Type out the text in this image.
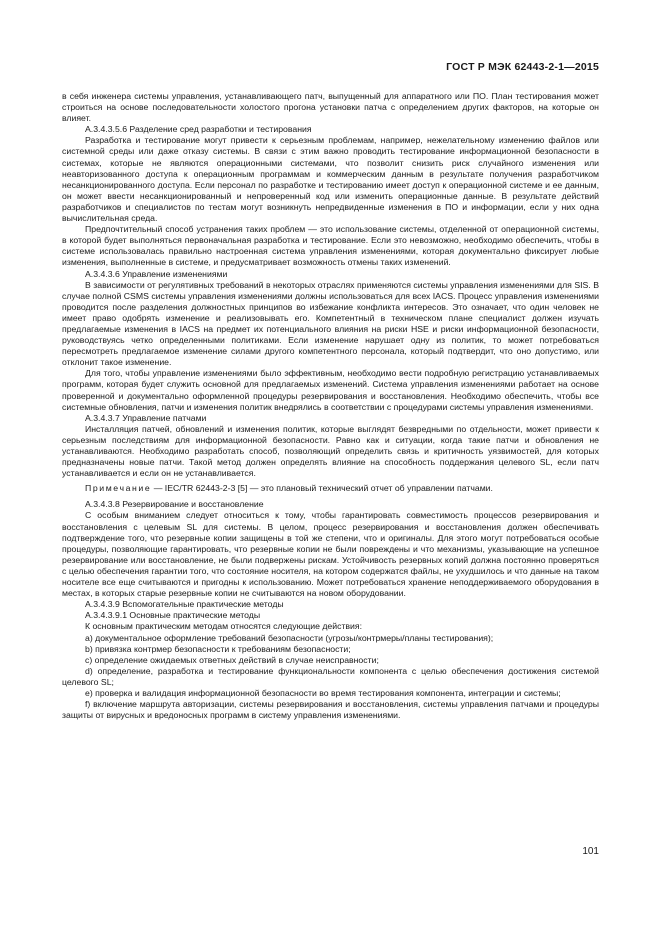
ГОСТ Р МЭК 62443-2-1—2015

в себя инженера системы управления, устанавливающего патч, выпущенный для аппаратного или ПО. План тестирования может строиться на основе последовательности холостого прогона установки патча с определением других факторов, на которые он влияет.

A.3.4.3.5.6 Разделение сред разработки и тестирования

Разработка и тестирование могут привести к серьезным проблемам, например, нежелательному изменению файлов или системной среды или даже отказу системы. В связи с этим важно проводить тестирование информационной безопасности в системах, которые не являются операционными системами, что позволит снизить риск случайного изменения или неавторизованного доступа к операционным программам и коммерческим данным в результате получения разработчиком несанкционированного доступа. Если персонал по разработке и тестированию имеет доступ к операционной системе и ее данным, он может ввести несанкционированный и непроверенный код или изменить операционные данные. В результате действий разработчиков и специалистов по тестам могут возникнуть непредвиденные изменения в ПО и информации, если у них одна вычислительная среда.

Предпочтительный способ устранения таких проблем — это использование системы, отделенной от операционной системы, в которой будет выполняться первоначальная разработка и тестирование. Если это невозможно, необходимо обеспечить, чтобы в системе использовалась правильно настроенная система управления изменениями, которая документально фиксирует любые изменения, выполненные в системе, и предусматривает возможность отмены таких изменений.

A.3.4.3.6 Управление изменениями

В зависимости от регулятивных требований в некоторых отраслях применяются системы управления изменениями для SIS. В случае полной CSMS системы управления изменениями должны использоваться для всех IACS. Процесс управления изменениями проводится после разделения должностных принципов во избежание конфликта интересов. Это означает, что один человек не имеет право одобрять изменение и реализовывать его. Компетентный в техническом плане специалист должен изучать предлагаемые изменения в IACS на предмет их потенциального влияния на риски HSE и риски информационной безопасности, руководствуясь четко определенными политиками. Если изменение нарушает одну из политик, то может потребоваться пересмотреть предлагаемое изменение силами другого компетентного персонала, который подтвердит, что оно допустимо, или отклонит такое изменение.

Для того, чтобы управление изменениями было эффективным, необходимо вести подробную регистрацию устанавливаемых программ, которая будет служить основной для предлагаемых изменений. Система управления изменениями работает на основе проверенной и документально оформленной процедуры резервирования и восстановления. Необходимо обеспечить, чтобы все системные обновления, патчи и изменения политик внедрялись в соответствии с процедурами системы управления изменениями.

A.3.4.3.7 Управление патчами

Инсталляция патчей, обновлений и изменения политик, которые выглядят безвредными по отдельности, может привести к серьезным последствиям для информационной безопасности. Равно как и ситуации, когда такие патчи и обновления не устанавливаются. Необходимо разработать способ, позволяющий определить связь и критичность уязвимостей, для которых предназначены новые патчи. Такой метод должен определять влияние на способность поддержания целевого SL, если патч устанавливается и если он не устанавливается.

Примечание — IEC/TR 62443-2-3 [5] — это плановый технический отчет об управлении патчами.

A.3.4.3.8 Резервирование и восстановление

С особым вниманием следует относиться к тому, чтобы гарантировать совместимость процессов резервирования и восстановления с целевым SL для системы. В целом, процесс резервирования и восстановления должен обеспечивать подтверждение того, что резервные копии защищены в той же степени, что и оригиналы. Для этого могут потребоваться особые процедуры, позволяющие гарантировать, что резервные копии не были повреждены и что механизмы, указывающие на успешное резервирование или восстановление, не были подвержены рискам. Устойчивость резервных копий должна постоянно проверяться с целью обеспечения гарантии того, что состояние носителя, на котором содержатся файлы, не ухудшилось и что данные на таком носителе все еще считываются и пригодны к использованию. Может потребоваться хранение неподдерживаемого оборудования в местах, в которых старые резервные копии не считываются на новом оборудовании.

A.3.4.3.9 Вспомогательные практические методы

A.3.4.3.9.1 Основные практические методы

К основным практическим методам относятся следующие действия:

a) документальное оформление требований безопасности (угрозы/контрмеры/планы тестирования);

b) привязка контрмер безопасности к требованиям безопасности;

c) определение ожидаемых ответных действий в случае неисправности;

d) определение, разработка и тестирование функциональности компонента с целью обеспечения достижения системой целевого SL;

e) проверка и валидация информационной безопасности во время тестирования компонента, интеграции и системы;

f) включение маршрута авторизации, системы резервирования и восстановления, системы управления патчами и процедуры защиты от вирусных и вредоносных программ в систему управления изменениями.

101
